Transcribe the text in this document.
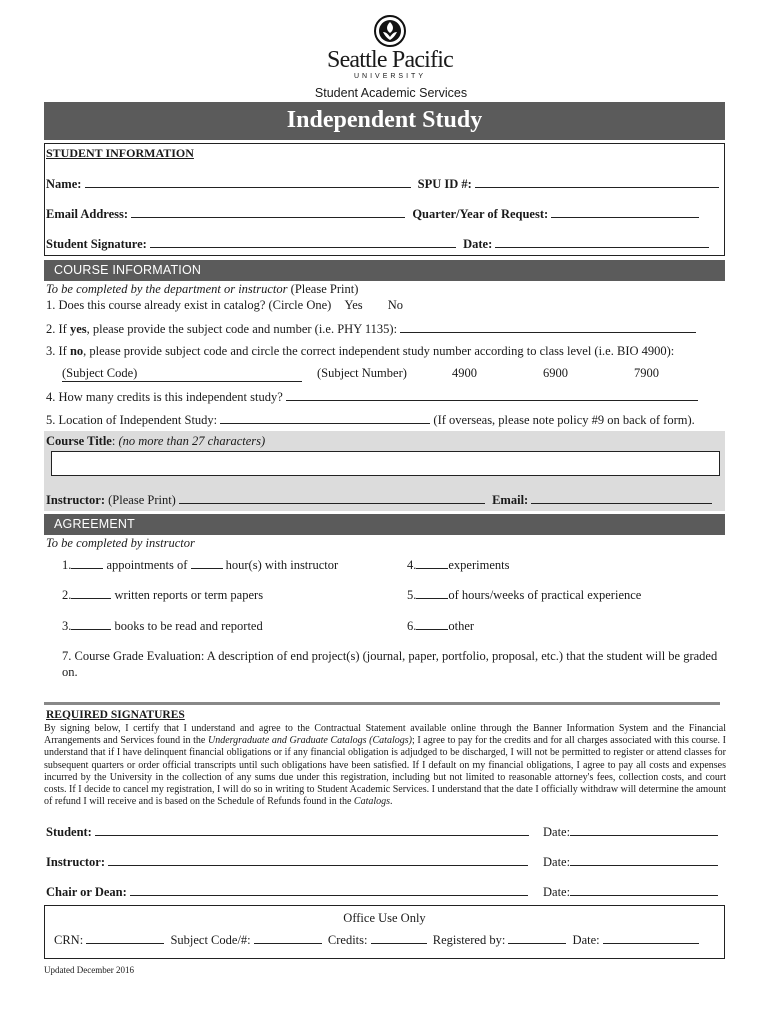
Seattle Pacific
UNIVERSITY
Student Academic Services
Independent Study
STUDENT INFORMATION
Name:	SPU ID #:
Email Address:	Quarter/Year of Request:
Student Signature:	Date:
COURSE INFORMATION
To be completed by the department or instructor (Please Print)
1. Does this course already exist in catalog? (Circle One) Yes No
2. If yes, please provide the subject code and number (i.e. PHY 1135):
3. If no, please provide subject code and circle the correct independent study number according to class level (i.e. BIO 4900):
(Subject Code)	(Subject Number)	4900	6900	7900
4. How many credits is this independent study?
5. Location of Independent Study:	(If overseas, please note policy #9 on back of form).
Course Title: (no more than 27 characters)
Instructor: (Please Print)	Email:
AGREEMENT
To be completed by instructor
1.	appointments of	hour(s) with instructor
2.	written reports or term papers
3.	books to be read and reported
4.	experiments
5.	of hours/weeks of practical experience
6.	other
7. Course Grade Evaluation: A description of end project(s) (journal, paper, portfolio, proposal, etc.) that the student will be graded on.
REQUIRED SIGNATURES
By signing below, I certify that I understand and agree to the Contractual Statement available online through the Banner Information System and the Financial Arrangements and Services found in the Undergraduate and Graduate Catalogs (Catalogs); I agree to pay for the credits and for all charges associated with this course. I understand that if I have delinquent financial obligations or if any financial obligation is adjudged to be discharged, I will not be permitted to register or attend classes for subsequent quarters or order official transcripts until such obligations have been satisfied. If I default on my financial obligations, I agree to pay all costs and expenses incurred by the University in the collection of any sums due under this registration, including but not limited to reasonable attorney's fees, collection costs, and court costs. If I decide to cancel my registration, I will do so in writing to Student Academic Services. I understand that the date I officially withdraw will determine the amount of refund I will receive and is based on the Schedule of Refunds found in the Catalogs.
Student:	Date:
Instructor:	Date:
Chair or Dean:	Date:
Office Use Only
CRN:	Subject Code/#:	Credits:	Registered by:	Date:
Updated December 2016
